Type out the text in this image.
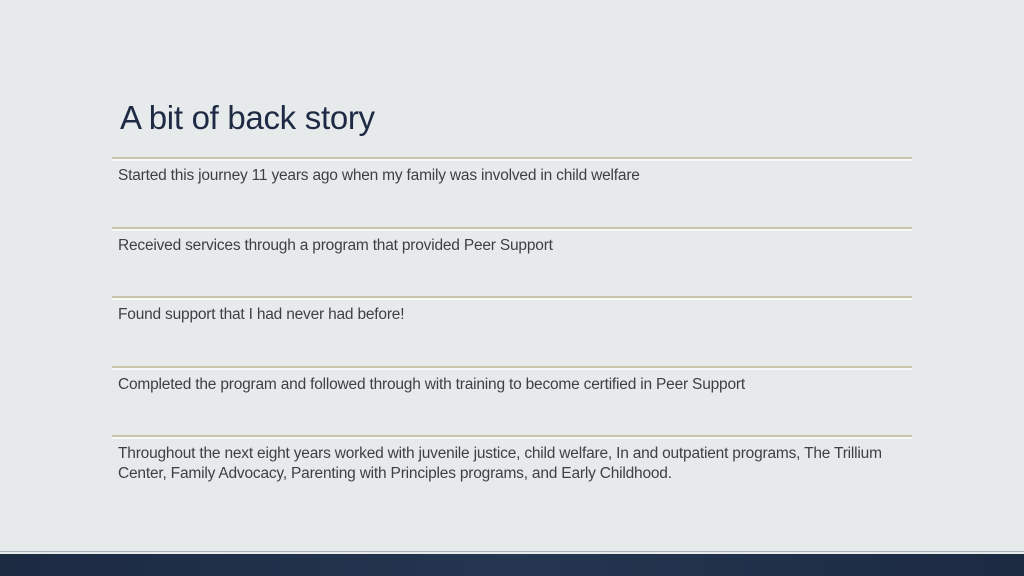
A bit of back story
Started this journey 11 years ago when my family was involved in child welfare
Received services through a program that provided Peer Support
Found support that I had never had before!
Completed the program and followed through with training to become certified in Peer Support
Throughout the next eight years worked with juvenile justice, child welfare, In and outpatient programs, The Trillium Center, Family Advocacy, Parenting with Principles programs, and Early Childhood.
